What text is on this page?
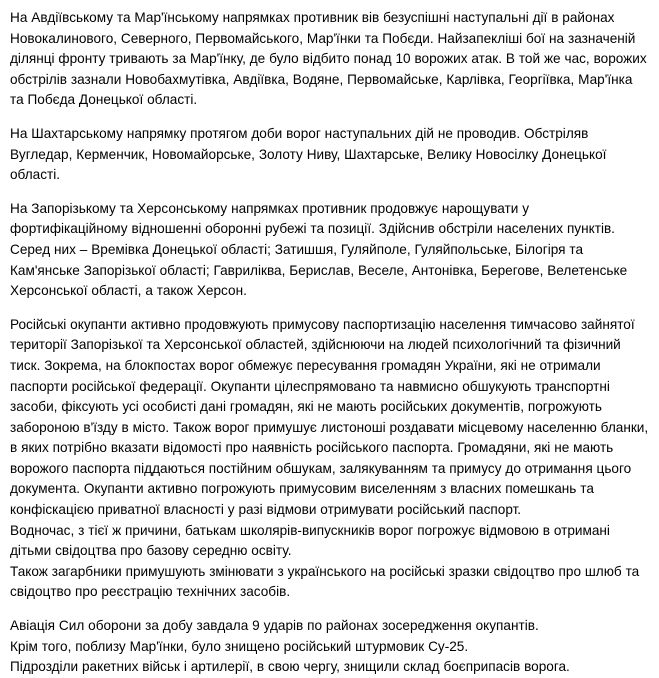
На Авдіївському та Мар'їнському напрямках противник вів безуспішні наступальні дії в районах Новокалинового, Северного, Первомайського, Мар'їнки та Побєди. Найзапеклiші бої на зазначеній ділянці фронту тривають за Мар'їнку, де було відбито понад 10 ворожих атак. В той же час, ворожих обстрілів зазнали Новобахмутівка, Авдіївка, Водяне, Первомайське, Карлівка, Георгіївка, Мар'їнка та Побєда Донецької області.

На Шахтарському напрямку протягом доби ворог наступальних дій не проводив. Обстріляв Вугледар, Керменчик, Новомайорське, Золоту Ниву, Шахтарське, Велику Новосілку Донецької області.

На Запорізькому та Херсонському напрямках противник продовжує нарощувати у фортифікаційному відношенні оборонні рубежі та позиції. Здійснив обстріли населених пунктів. Серед них – Времівка Донецької області; Затишшя, Гуляйполе, Гуляйпольське, Білогіря та Кам'янське Запорізької області; Гавриліква, Берислав, Веселе, Антонівка, Берегове, Велетенське Херсонської області, а також Херсон.

Російські окупанти активно продовжують примусову паспортизацію населення тимчасово зайнятої території Запорізької та Херсонської областей, здійснюючи на людей психологічний та фізичний тиск. Зокрема, на блокпостах ворог обмежує пересування громадян України, які не отримали паспорти російської федерації. Окупанти цілеспрямовано та навмисно обшукують транспортні засоби, фіксують усі особисті дані громадян, які не мають російських документів, погрожують забороною в'їзду в місто. Також ворог примушує листоноші роздавати місцевому населенню бланки, в яких потрібно вказати відомості про наявність російського паспорта. Громадяни, які не мають ворожого паспорта піддаються постійним обшукам, залякуванням та примусу до отримання цього документа. Окупанти активно погрожують примусовим виселенням з власних помешкань та конфіскацією приватної власності у разі відмови отримувати російський паспорт.

Водночас, з тієї ж причини, батькам школярів-випускників ворог погрожує відмовою в отримані дітьми свідоцтва про базову середню освіту.

Також загарбники примушують змінювати з українського на російські зразки свідоцтво про шлюб та свідоцтво про реєстрацію технічних засобів.

Авіація Сил оборони за добу завдала 9 ударів по районах зосередження окупантів.

Крім того, поблизу Мар'їнки, було знищено російський штурмовик Су-25.

Підрозділи ракетних військ і артилерії, в свою чергу, знищили склад боєприпасів ворога.
